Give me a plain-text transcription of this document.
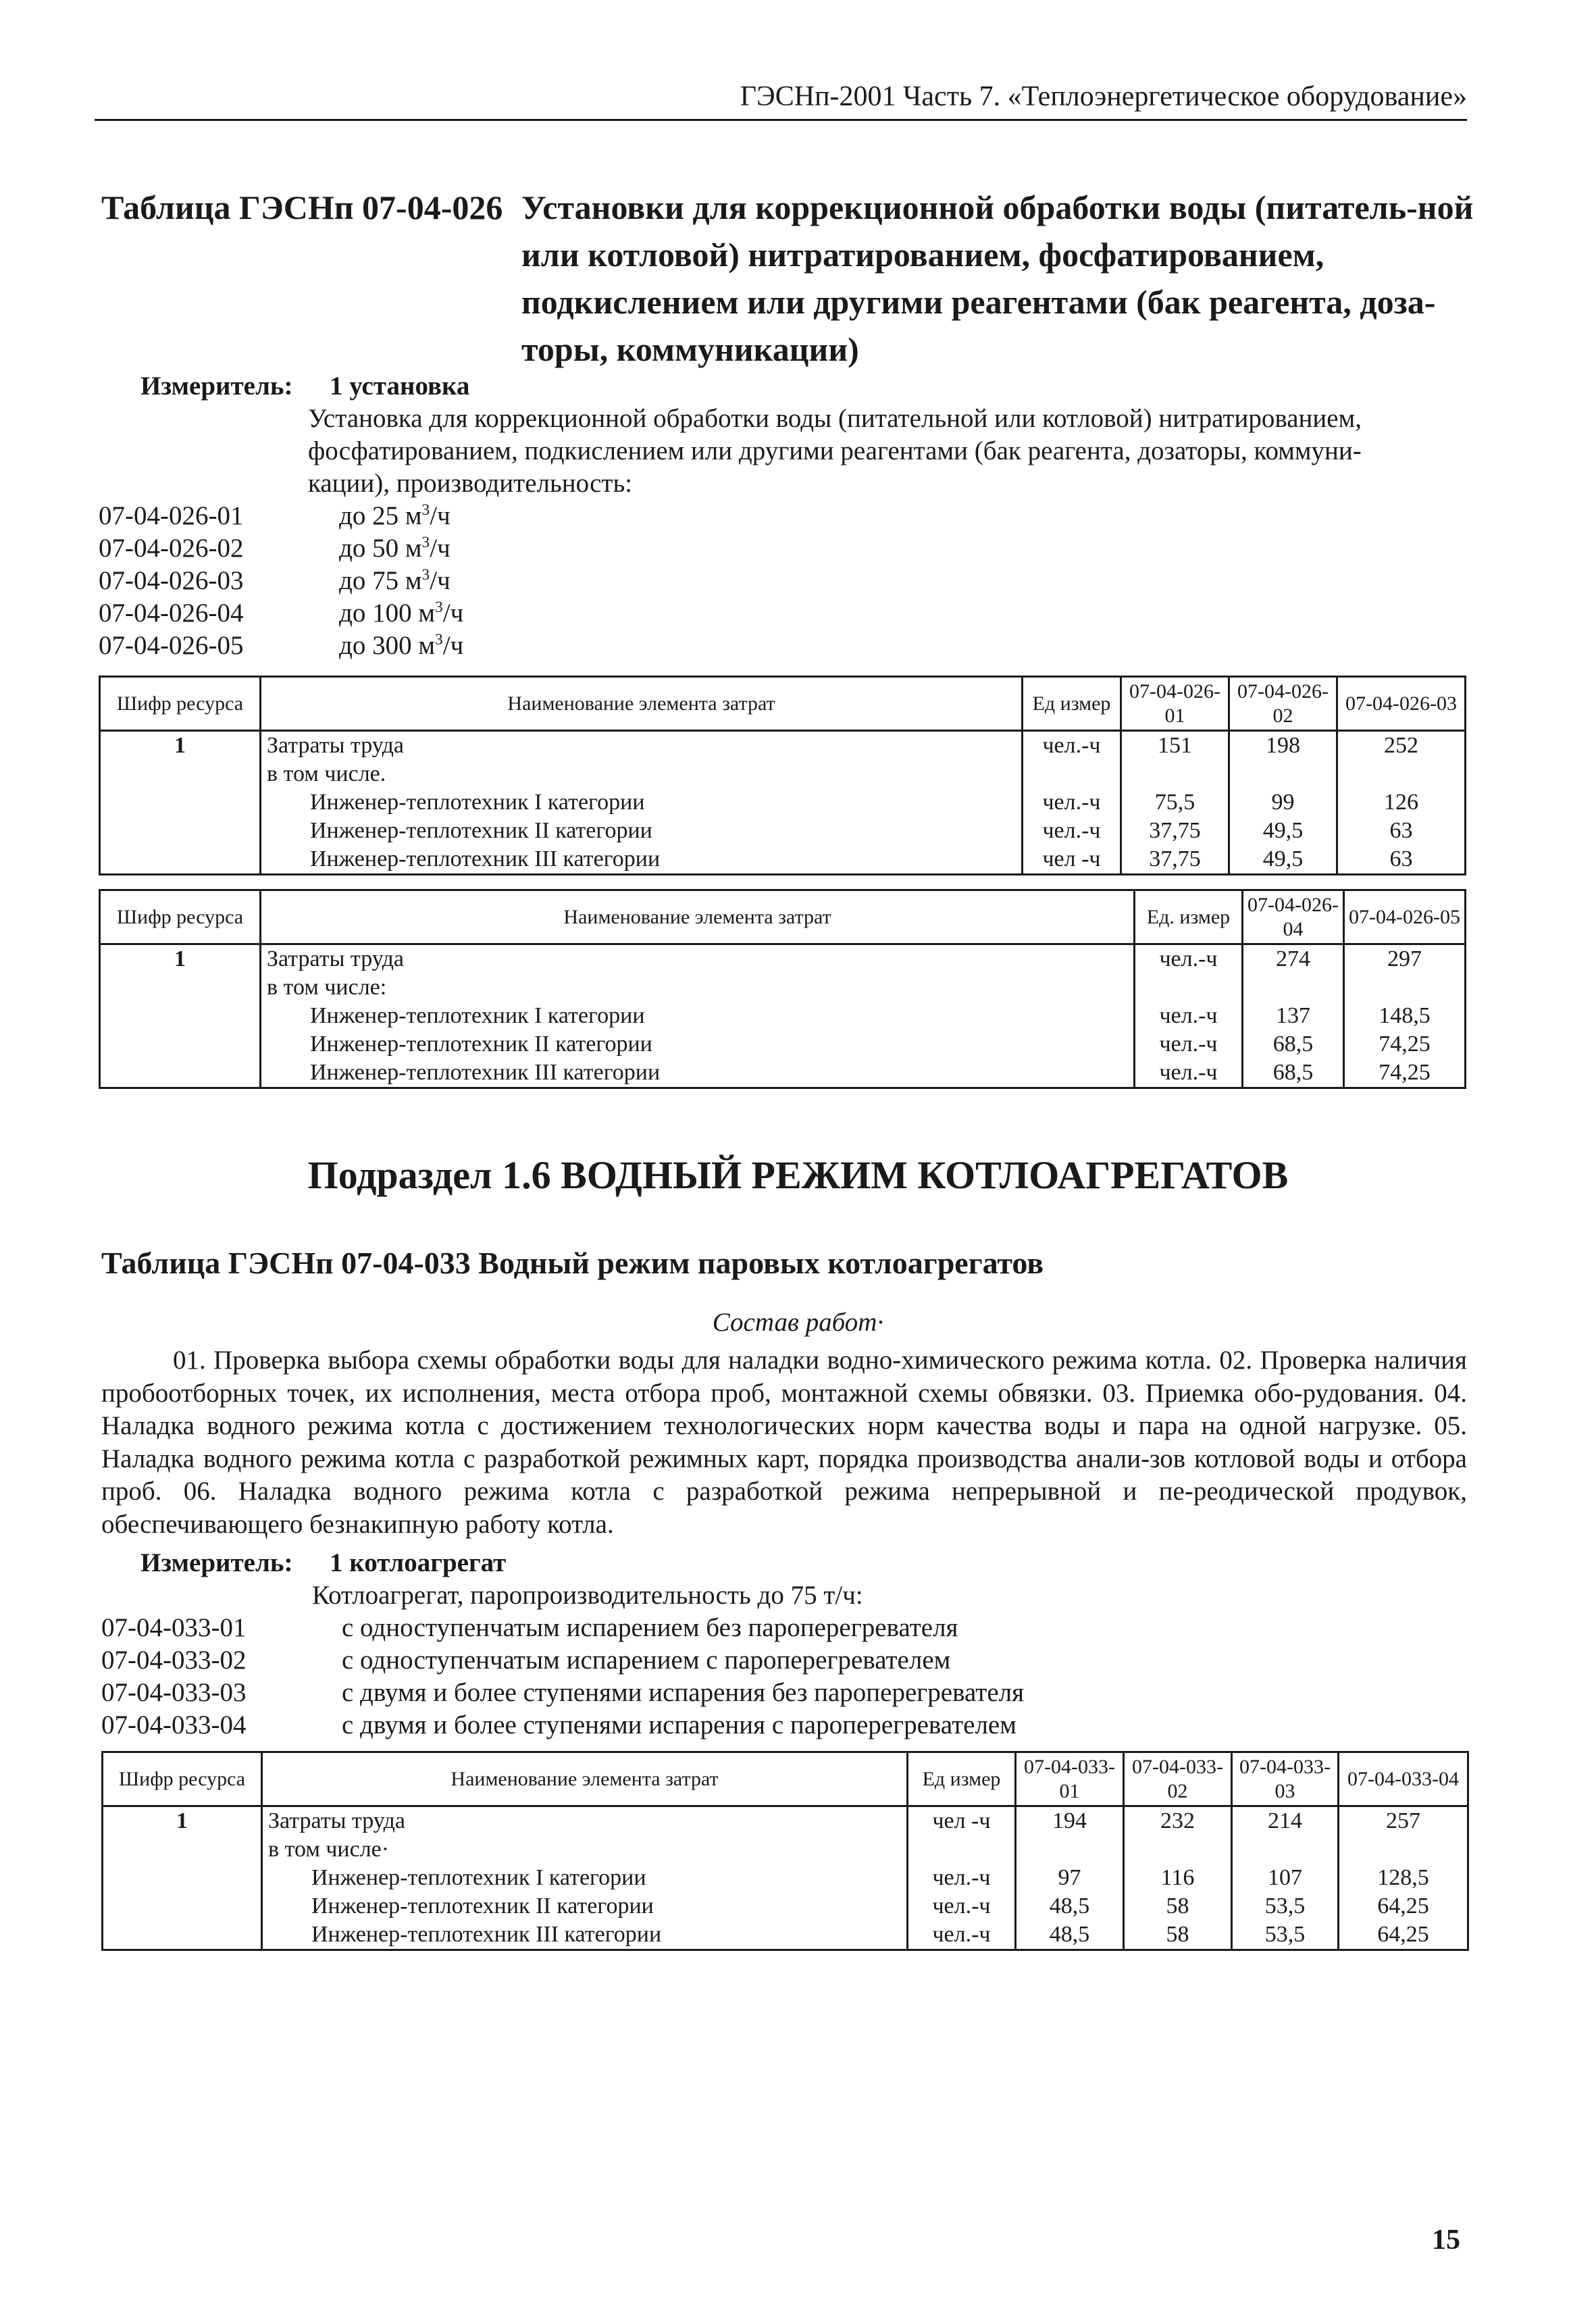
ГЭСНп-2001 Часть 7. «Теплоэнергетическое оборудование»
Таблица ГЭСНп 07-04-026 Установки для коррекционной обработки воды (питатель-ной или котловой) нитратированием, фосфатированием, подкислением или другими реагентами (бак реагента, доза-торы, коммуникации)
Измеритель: 1 установка
Установка для коррекционной обработки воды (питательной или котловой) нитратированием,
фосфатированием, подкислением или другими реагентами (бак реагента, дозаторы, коммуни-
кации), производительность:
07-04-026-01	до 25 $м^3/ч$
07-04-026-02	до 50 $м^3/ч$
07-04-026-03	до 75 $м^3/ч$
07-04-026-04	до 100 $м^3/ч$
07-04-026-05	до 300 $м^3/ч$
Шифр ресурса	Наименование элемента затрат	Ед измер	07-04-026-01	07-04-026-02	07-04-026-03
1	Затраты труда	чел.-ч	151	198	252
	в том числе.				
	Инженер-теплотехник I категории	чел.-ч	75,5	99	126
	Инженер-теплотехник II категории	чел.-ч	37,75	49,5	63
	Инженер-теплотехник III категории	чел -ч	37,75	49,5	63
Шифр ресурса	Наименование элемента затрат	Ед. измер	07-04-026-04	07-04-026-05
1	Затраты труда	чел.-ч	274	297
	в том числе:			
	Инженер-теплотехник I категории	чел.-ч	137	148,5
	Инженер-теплотехник II категории	чел.-ч	68,5	74,25
	Инженер-теплотехник III категории	чел.-ч	68,5	74,25
Подраздел 1.6 ВОДНЫЙ РЕЖИМ КОТЛОАГРЕГАТОВ
Таблица ГЭСНп 07-04-033 Водный режим паровых котлоагрегатов
Состав работ·
01. Проверка выбора схемы обработки воды для наладки водно-химического режима котла. 02. Проверка наличия пробоотборных точек, их исполнения, места отбора проб, монтажной схемы обвязки. 03. Приемка обо-рудования. 04. Наладка водного режима котла с достижением технологических норм качества воды и пара на одной нагрузке. 05. Наладка водного режима котла с разработкой режимных карт, порядка производства анали-зов котловой воды и отбора проб. 06. Наладка водного режима котла с разработкой режима непрерывной и пе-реодической продувок, обеспечивающего безнакипную работу котла.
Измеритель: 1 котлоагрегат
Котлоагрегат, паропроизводительность до 75 т/ч:
07-04-033-01	с одноступенчатым испарением без пароперегревателя
07-04-033-02	с одноступенчатым испарением с пароперегревателем
07-04-033-03	с двумя и более ступенями испарения без пароперегревателя
07-04-033-04	с двумя и более ступенями испарения с пароперегревателем
Шифр ресурса	Наименование элемента затрат	Ед измер	07-04-033-01	07-04-033-02	07-04-033-03	07-04-033-04
1	Затраты труда	чел -ч	194	232	214	257
	в том числе·					
	Инженер-теплотехник I категории	чел.-ч	97	116	107	128,5
	Инженер-теплотехник II категории	чел.-ч	48,5	58	53,5	64,25
	Инженер-теплотехник III категории	чел.-ч	48,5	58	53,5	64,25
15
